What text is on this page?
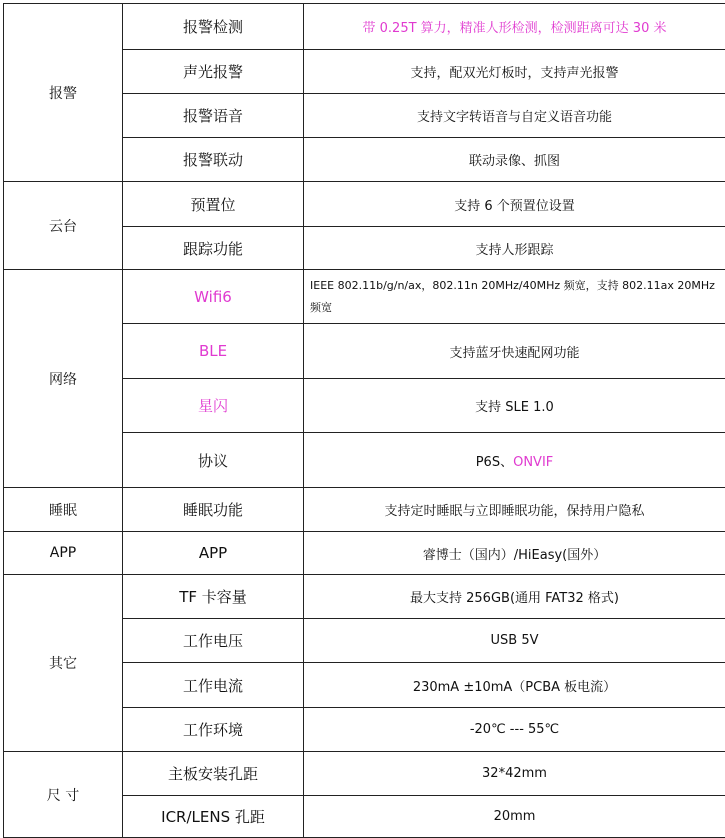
报警	报警检测	带 0.25T 算力，精准人形检测，检测距离可达 30 米
	声光报警	支持，配双光灯板时，支持声光报警
	报警语音	支持文字转语音与自定义语音功能
	报警联动	联动录像、抓图
云台	预置位	支持 6 个预置位设置
	跟踪功能	支持人形跟踪
网络	Wifi6	IEEE 802.11b/g/n/ax，802.11n 20MHz/40MHz 频宽，支持 802.11ax 20MHz 频宽
	BLE	支持蓝牙快速配网功能
	星闪	支持 SLE 1.0
	协议	P6S、ONVIF
睡眠	睡眠功能	支持定时睡眠与立即睡眠功能，保持用户隐私
APP	APP	睿博士（国内）/HiEasy(国外）
其它	TF 卡容量	最大支持 256GB(通用 FAT32 格式)
	工作电压	USB 5V
	工作电流	230mA ±10mA（PCBA 板电流）
	工作环境	-20℃ --- 55℃
尺 寸	主板安装孔距	32*42mm
	ICR/LENS 孔距	20mm
